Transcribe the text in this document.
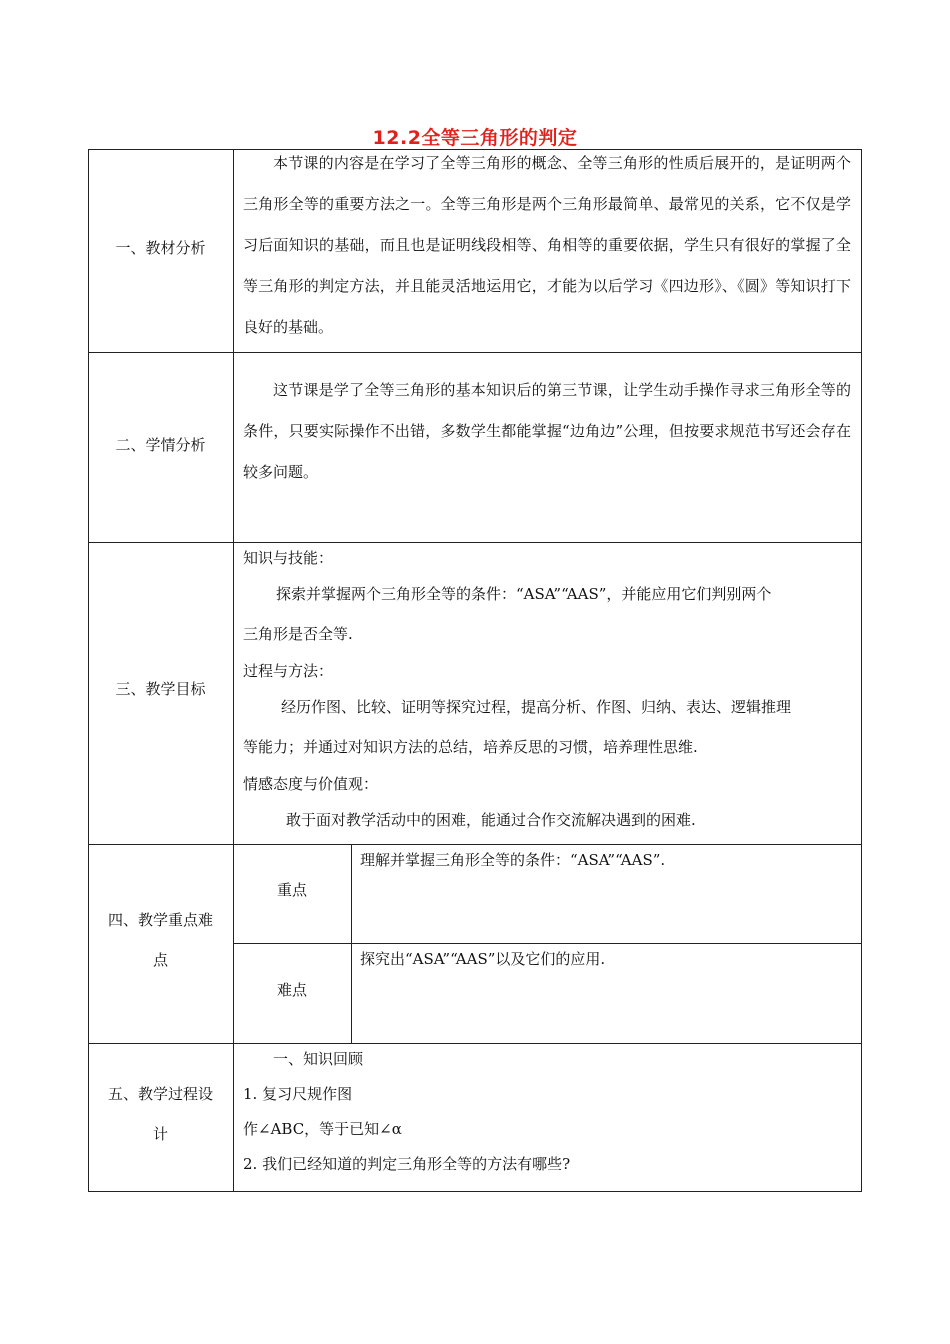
12.2全等三角形的判定
一、教材分析
本节课的内容是在学习了全等三角形的概念、全等三角形的性质后展开的，是证明两个三角形全等的重要方法之一。全等三角形是两个三角形最简单、最常见的关系，它不仅是学习后面知识的基础，而且也是证明线段相等、角相等的重要依据，学生只有很好的掌握了全等三角形的判定方法，并且能灵活地运用它，才能为以后学习《四边形》、《圆》等知识打下良好的基础。
二、学情分析
这节课是学了全等三角形的基本知识后的第三节课，让学生动手操作寻求三角形全等的条件，只要实际操作不出错，多数学生都能掌握“边角边”公理，但按要求规范书写还会存在较多问题。
三、教学目标
知识与技能：
探索并掌握两个三角形全等的条件：“ASA”“AAS”，并能应用它们判别两个
三角形是否全等.
过程与方法：
经历作图、比较、证明等探究过程，提高分析、作图、归纳、表达、逻辑推理
等能力；并通过对知识方法的总结，培养反思的习惯，培养理性思维.
情感态度与价值观：
敢于面对教学活动中的困难，能通过合作交流解决遇到的困难.
四、教学重点难
点
重点
理解并掌握三角形全等的条件：“ASA”“AAS”.
难点
探究出“ASA”“AAS”以及它们的应用.
五、教学过程设
计
一、知识回顾
1. 复习尺规作图
作∠ABC，等于已知∠α
2. 我们已经知道的判定三角形全等的方法有哪些?
